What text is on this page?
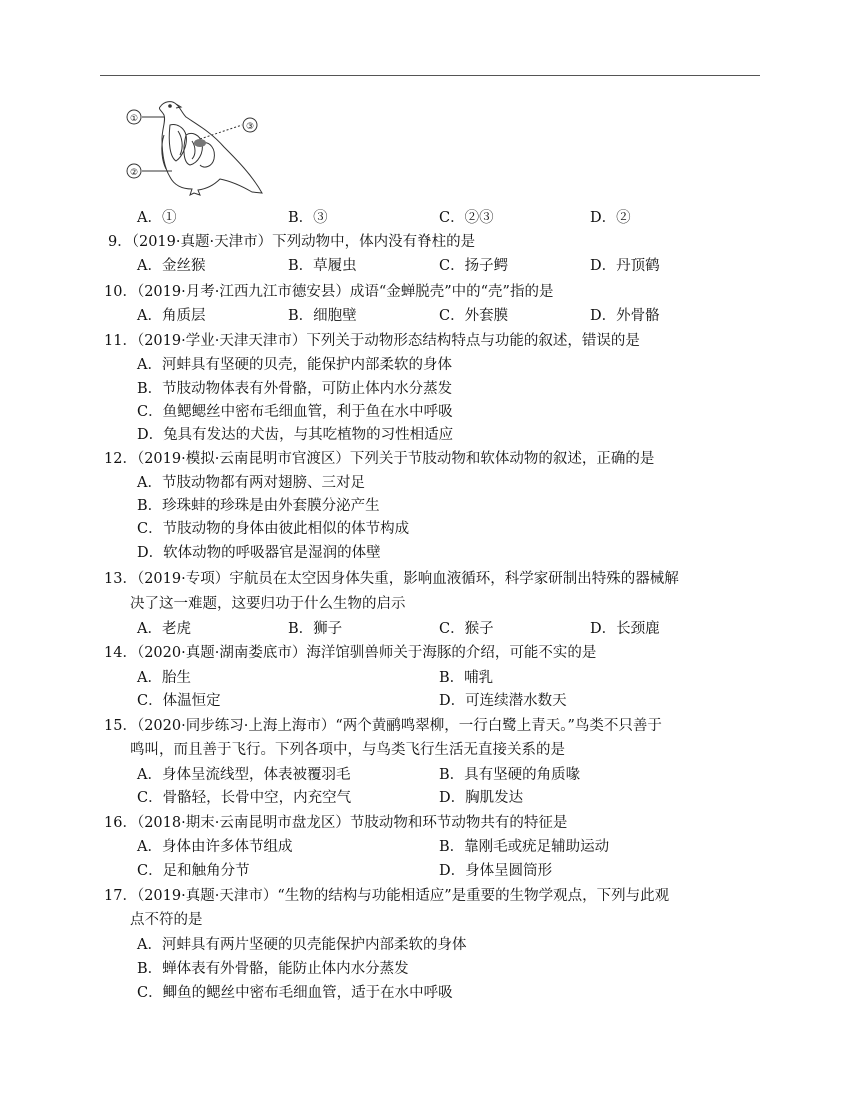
①
②
③
A．①	B．③	C．②③	D．②
9．（2019·真题·天津市）下列动物中，体内没有脊柱的是
A．金丝猴	B．草履虫	C．扬子鳄	D．丹顶鹤
10．（2019·月考·江西九江市德安县）成语“金蝉脱壳”中的“壳”指的是
A．角质层	B．细胞壁	C．外套膜	D．外骨骼
11．（2019·学业·天津天津市）下列关于动物形态结构特点与功能的叙述，错误的是
A．河蚌具有坚硬的贝壳，能保护内部柔软的身体
B．节肢动物体表有外骨骼，可防止体内水分蒸发
C．鱼鳃鳃丝中密布毛细血管，利于鱼在水中呼吸
D．兔具有发达的犬齿，与其吃植物的习性相适应
12．（2019·模拟·云南昆明市官渡区）下列关于节肢动物和软体动物的叙述，正确的是
A．节肢动物都有两对翅膀、三对足
B．珍珠蚌的珍珠是由外套膜分泌产生
C．节肢动物的身体由彼此相似的体节构成
D．软体动物的呼吸器官是湿润的体壁
13．（2019·专项）宇航员在太空因身体失重，影响血液循环，科学家研制出特殊的器械解
决了这一难题，这要归功于什么生物的启示
A．老虎	B．狮子	C．猴子	D．长颈鹿
14．（2020·真题·湖南娄底市）海洋馆驯兽师关于海豚的介绍，可能不实的是
A．胎生	B．哺乳
C．体温恒定	D．可连续潜水数天
15．（2020·同步练习·上海上海市）“两个黄鹂鸣翠柳，一行白鹭上青天。”鸟类不只善于
鸣叫，而且善于飞行。下列各项中，与鸟类飞行生活无直接关系的是
A．身体呈流线型，体表被覆羽毛	B．具有坚硬的角质喙
C．骨骼轻，长骨中空，内充空气	D．胸肌发达
16．（2018·期末·云南昆明市盘龙区）节肢动物和环节动物共有的特征是
A．身体由许多体节组成	B．靠刚毛或疣足辅助运动
C．足和触角分节	D．身体呈圆筒形
17．（2019·真题·天津市）“生物的结构与功能相适应”是重要的生物学观点，下列与此观
点不符的是
A．河蚌具有两片坚硬的贝壳能保护内部柔软的身体
B．蝉体表有外骨骼，能防止体内水分蒸发
C．鲫鱼的鳃丝中密布毛细血管，适于在水中呼吸
